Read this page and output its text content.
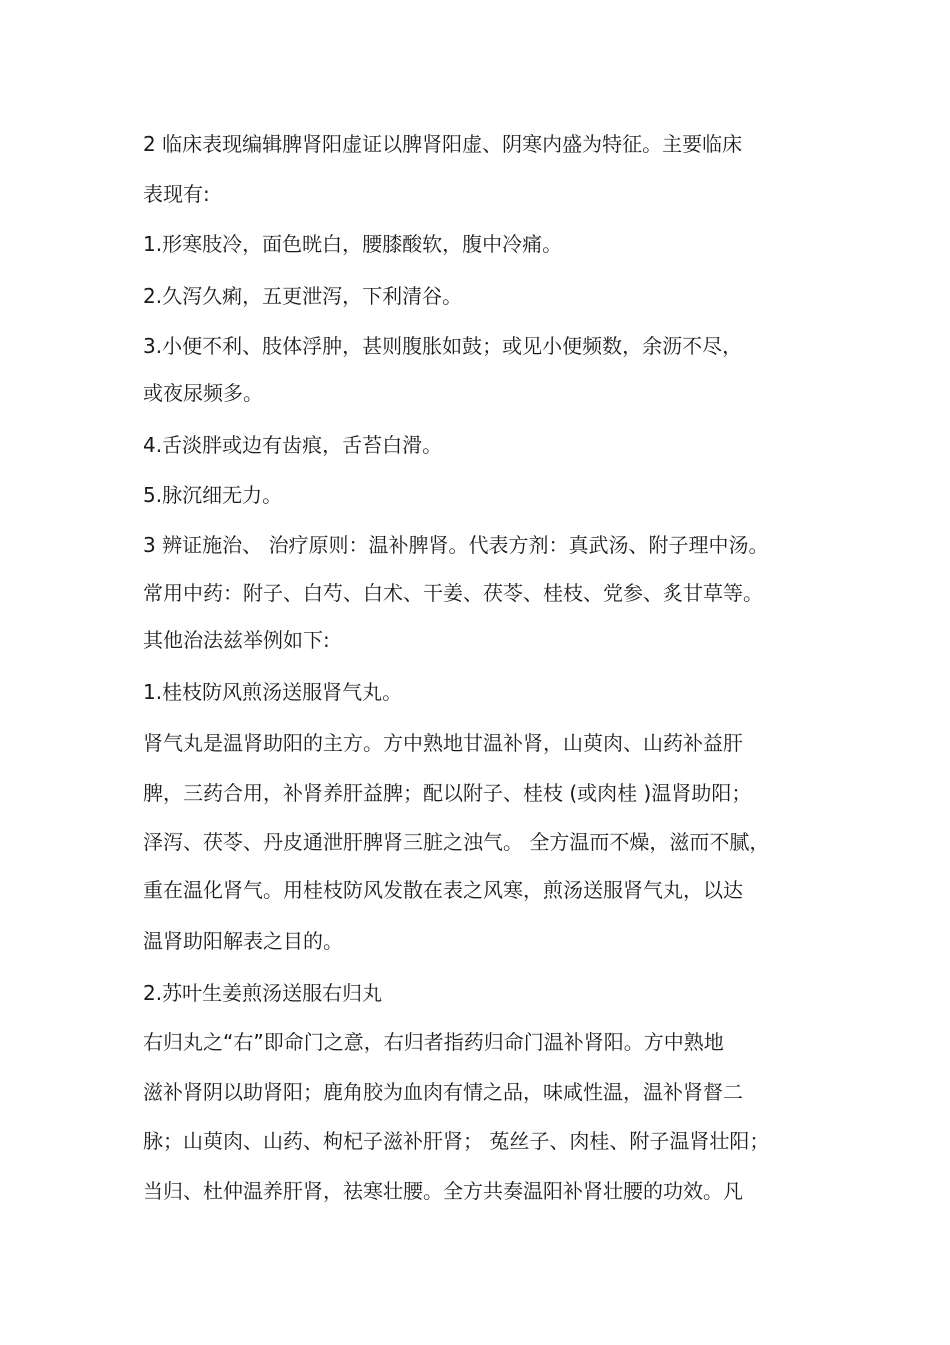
2 临床表现编辑脾肾阳虚证以脾肾阳虚、阴寒内盛为特征。主要临床

表现有:

1.形寒肢冷，面色晄白，腰膝酸软，腹中冷痛。

2.久泻久痢，五更泄泻，下利清谷。

3.小便不利、肢体浮肿，甚则腹胀如鼓；或见小便频数，余沥不尽，

或夜尿频多。

4.舌淡胖或边有齿痕，舌苔白滑。

5.脉沉细无力。

3 辨证施治、 治疗原则：温补脾肾。代表方剂：真武汤、附子理中汤。

常用中药：附子、白芍、白术、干姜、茯苓、桂枝、党参、炙甘草等。

其他治法兹举例如下:

1.桂枝防风煎汤送服肾气丸。

肾气丸是温肾助阳的主方。方中熟地甘温补肾，山萸肉、山药补益肝

脾，三药合用，补肾养肝益脾；配以附子、桂枝 (或肉桂 )温肾助阳；

泽泻、茯苓、丹皮通泄肝脾肾三脏之浊气。 全方温而不燥，滋而不腻，

重在温化肾气。用桂枝防风发散在表之风寒，煎汤送服肾气丸，以达

温肾助阳解表之目的。

2.苏叶生姜煎汤送服右归丸

右归丸之“右”即命门之意，右归者指药归命门温补肾阳。方中熟地

滋补肾阴以助肾阳；鹿角胶为血肉有情之品，味咸性温，温补肾督二

脉；山萸肉、山药、枸杞子滋补肝肾； 菟丝子、肉桂、附子温肾壮阳；

当归、杜仲温养肝肾，祛寒壮腰。全方共奏温阳补肾壮腰的功效。凡
